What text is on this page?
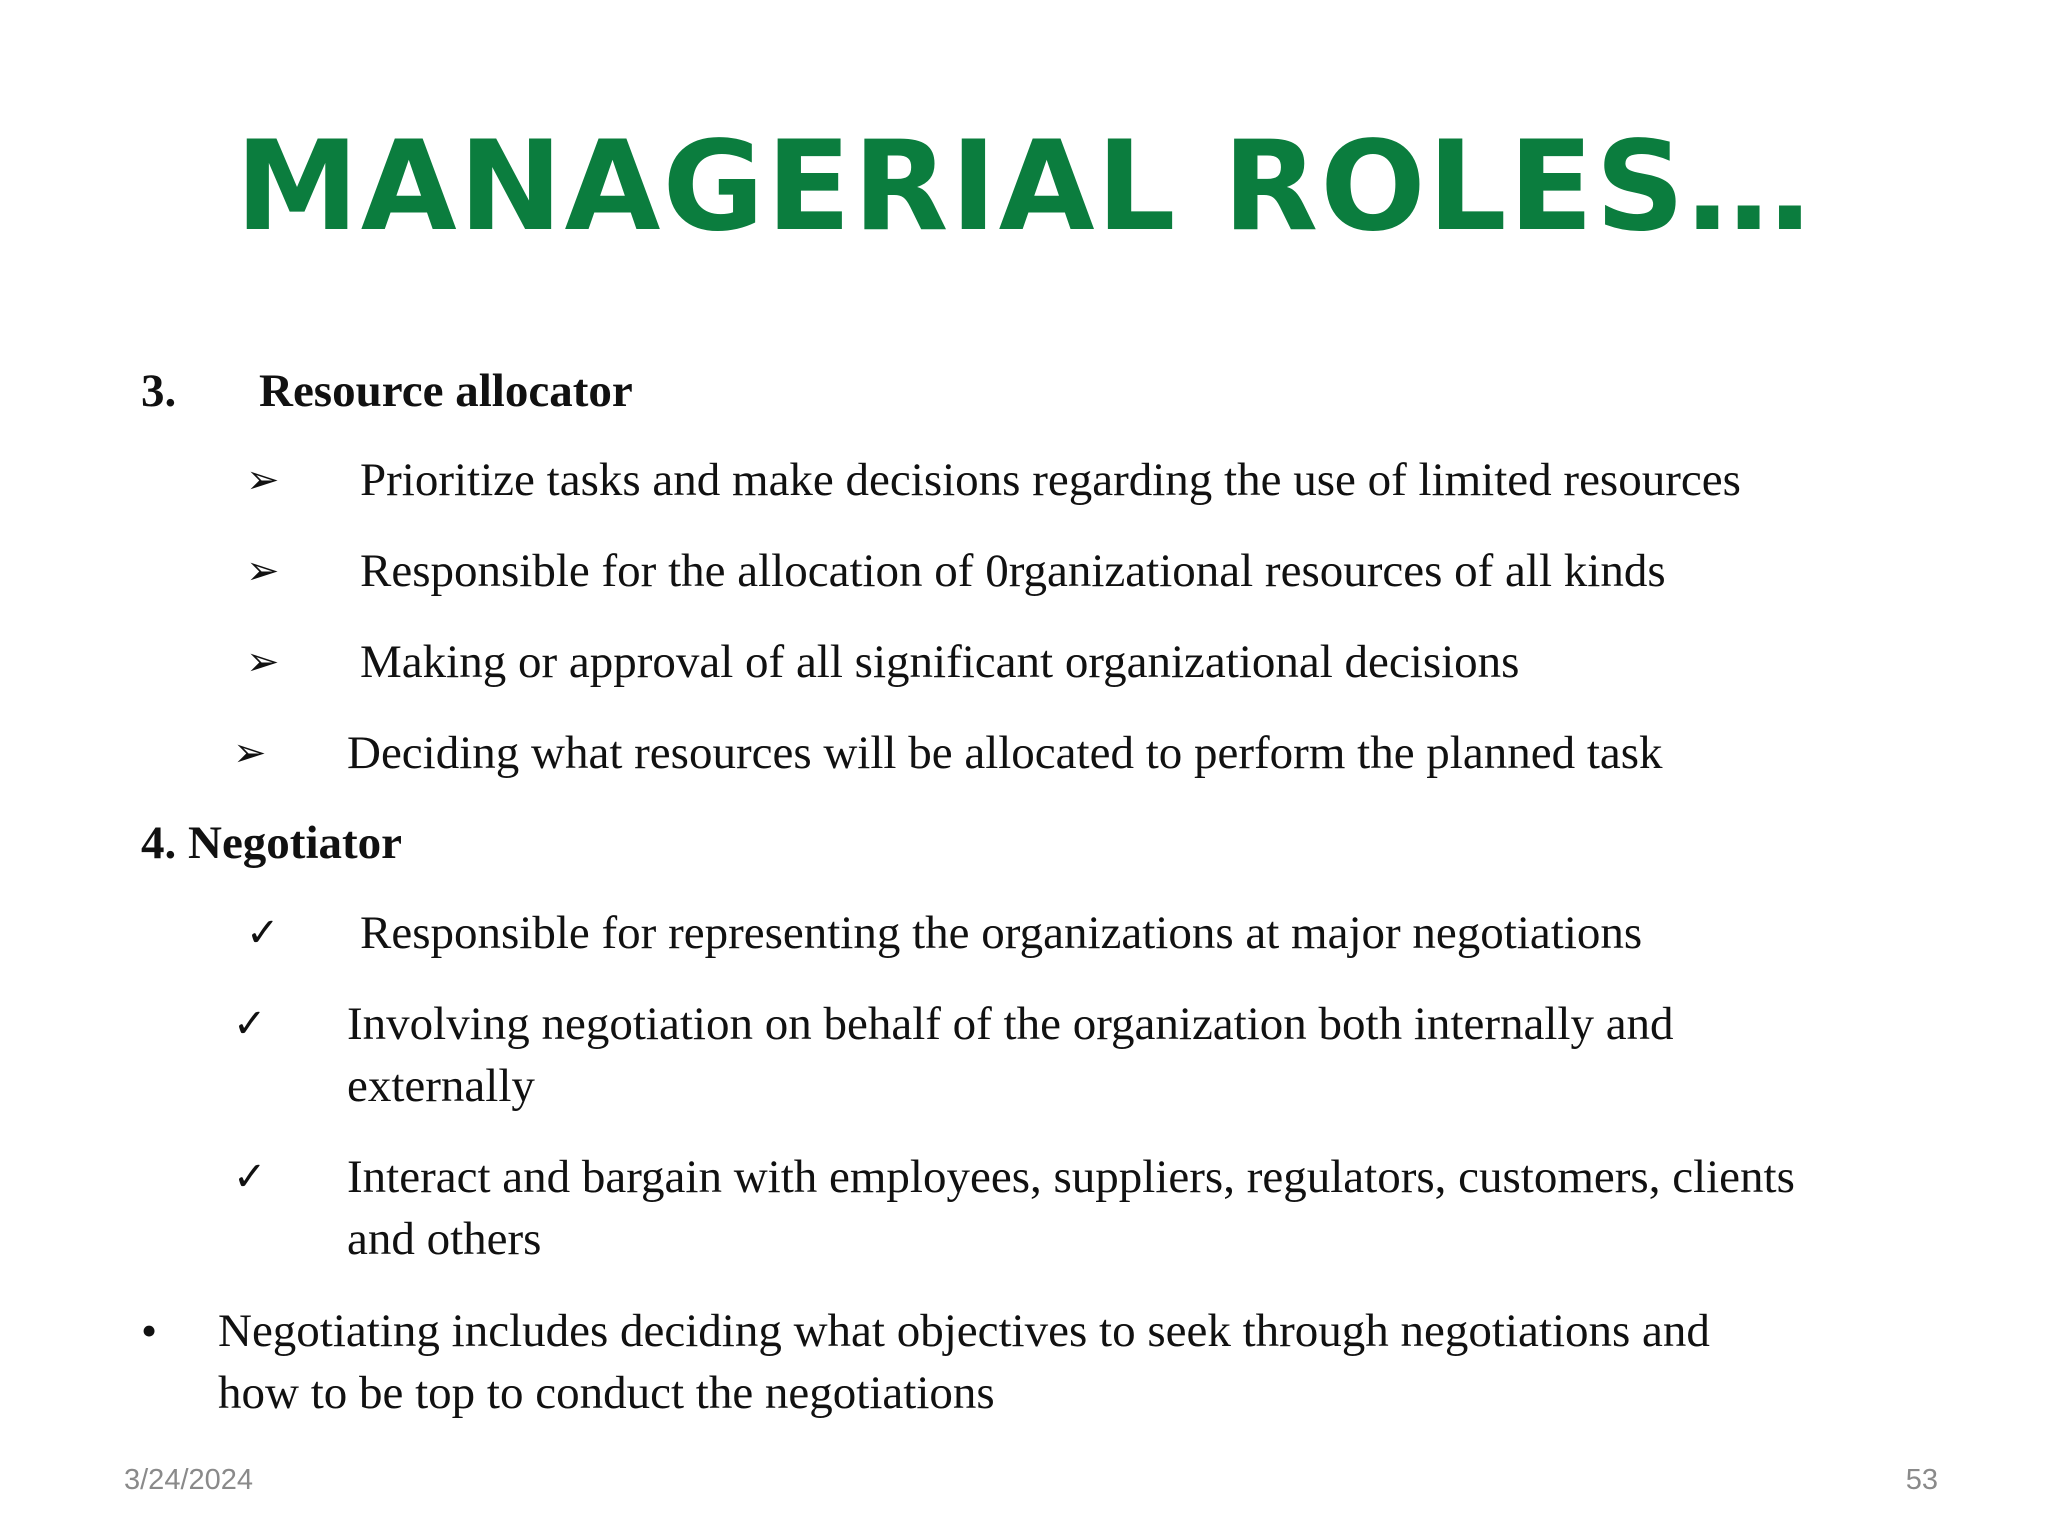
MANAGERIAL ROLES…
3. Resource allocator
➢ Prioritize tasks and make decisions regarding the use of limited resources
➢ Responsible for the allocation of 0rganizational resources of all kinds
➢ Making or approval of all significant organizational decisions
➢ Deciding what resources will be allocated to perform the planned task
4. Negotiator
✓ Responsible for representing the organizations at major negotiations
✓ Involving negotiation on behalf of the organization both internally and
externally
✓ Interact and bargain with employees, suppliers, regulators, customers, clients
and others
• Negotiating includes deciding what objectives to seek through negotiations and
how to be top to conduct the negotiations
3/24/2024	53
